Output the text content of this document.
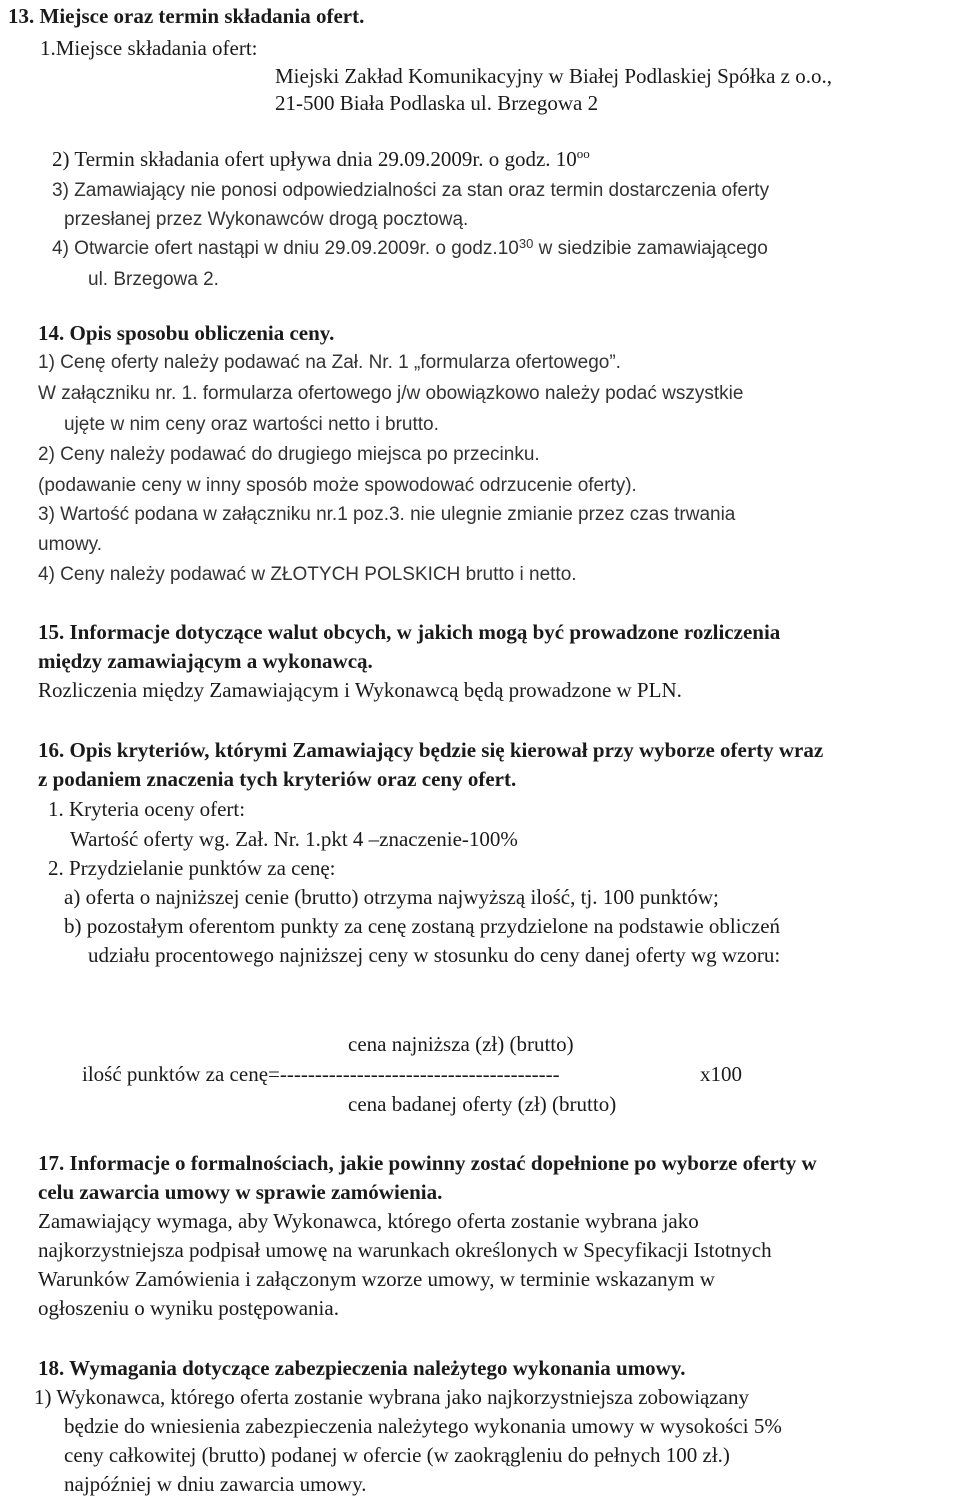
13. Miejsce oraz termin składania ofert.
1.Miejsce składania ofert:
Miejski Zakład Komunikacyjny w Białej Podlaskiej Spółka z o.o.,
21-500 Biała Podlaska ul. Brzegowa 2
2) Termin składania ofert upływa dnia 29.09.2009r. o godz. $10^{oo}$
3) Zamawiający nie ponosi odpowiedzialności za stan oraz termin dostarczenia oferty
przesłanej przez Wykonawców drogą pocztową.
4) Otwarcie ofert nastąpi w dniu 29.09.2009r. o $godz.10^{30}$ w siedzibie zamawiającego
ul. Brzegowa 2.
14. Opis sposobu obliczenia ceny.
1) Cenę oferty należy podawać na Zał. Nr. 1 „formularza ofertowego”.
W załączniku nr. 1. formularza ofertowego j/w obowiązkowo należy podać wszystkie
ujęte w nim ceny oraz wartości netto i brutto.
2) Ceny należy podawać do drugiego miejsca po przecinku.
(podawanie ceny w inny sposób może spowodować odrzucenie oferty).
3) Wartość podana w załączniku nr.1 poz.3. nie ulegnie zmianie przez czas trwania
umowy.
4) Ceny należy podawać w ZŁOTYCH POLSKICH brutto i netto.
15. Informacje dotyczące walut obcych, w jakich mogą być prowadzone rozliczenia
między zamawiającym a wykonawcą.
Rozliczenia między Zamawiającym i Wykonawcą będą prowadzone w PLN.
16. Opis kryteriów, którymi Zamawiający będzie się kierował przy wyborze oferty wraz
z podaniem znaczenia tych kryteriów oraz ceny ofert.
1. Kryteria oceny ofert:
Wartość oferty wg. Zał. Nr. 1.pkt 4 –znaczenie-100%
2. Przydzielanie punktów za cenę:
a) oferta o najniższej cenie (brutto) otrzyma najwyższą ilość, tj. 100 punktów;
b) pozostałym oferentom punkty za cenę zostaną przydzielone na podstawie obliczeń
udziału procentowego najniższej ceny w stosunku do ceny danej oferty wg wzoru:
cena najniższa (zł) (brutto)
ilość punktów za cenę=----------------------------------------	x100
cena badanej oferty (zł) (brutto)
17. Informacje o formalnościach, jakie powinny zostać dopełnione po wyborze oferty w
celu zawarcia umowy w sprawie zamówienia.
Zamawiający wymaga, aby Wykonawca, którego oferta zostanie wybrana jako
najkorzystniejsza podpisał umowę na warunkach określonych w Specyfikacji Istotnych
Warunków Zamówienia i załączonym wzorze umowy, w terminie wskazanym w
ogłoszeniu o wyniku postępowania.
18. Wymagania dotyczące zabezpieczenia należytego wykonania umowy.
1) Wykonawca, którego oferta zostanie wybrana jako najkorzystniejsza zobowiązany
będzie do wniesienia zabezpieczenia należytego wykonania umowy w wysokości 5%
ceny całkowitej (brutto) podanej w ofercie (w zaokrągleniu do pełnych 100 zł.)
najpóźniej w dniu zawarcia umowy.
